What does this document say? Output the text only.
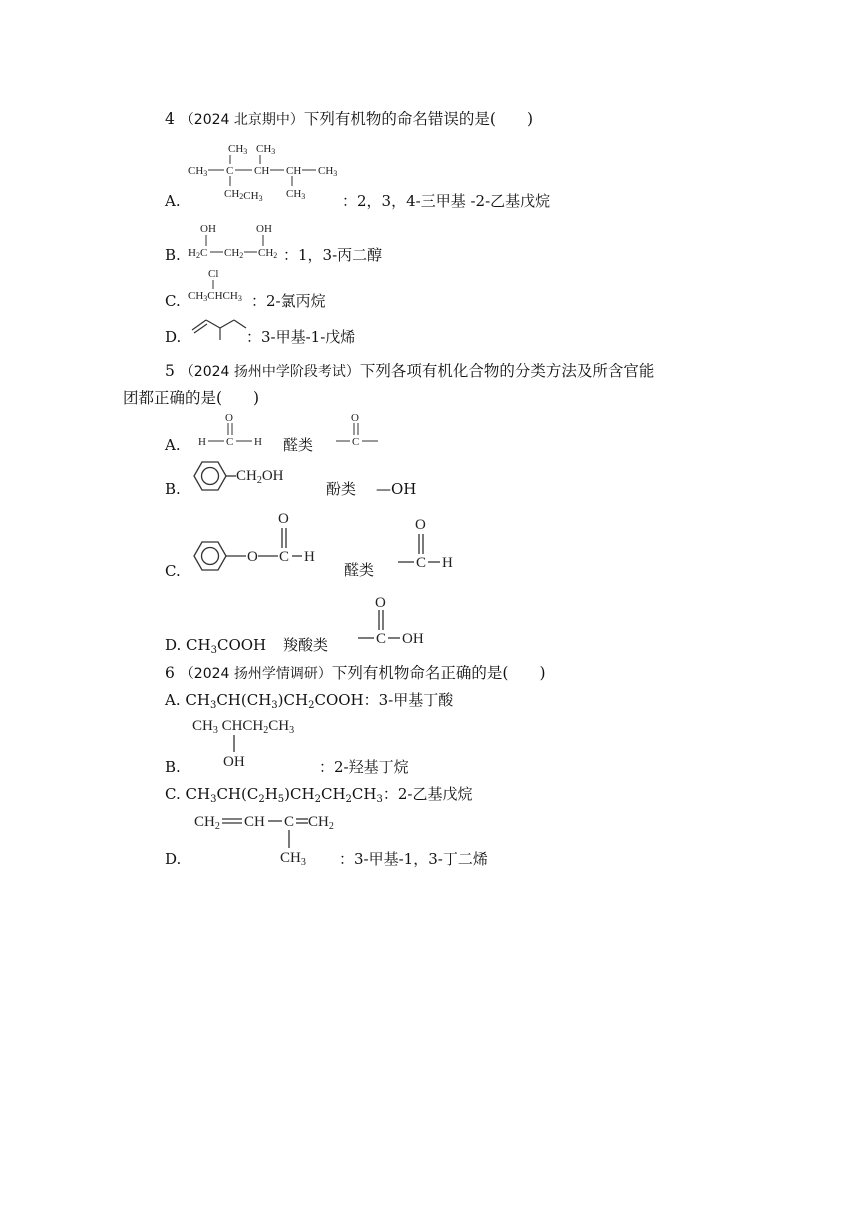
4 （2024 北京期中）下列有机物的命名错误的是(　　)
CH3 CH3
CH3 C CH CH CH3
CH2CH3 CH3
A.	：2，3，4-三甲基 -2-乙基戊烷
OH	OH
H2C CH2 CH2
B.	：1，3-丙二醇
Cl
CH3CHCH3
C.	：2-氯丙烷
D.	：3-甲基-1-戊烯
5 （2024 扬州中学阶段考试）下列各项有机化合物的分类方法及所含官能
团都正确的是(　　)
O
H C H
A.	醛类
O
C
$CH_2OH$
B.	酚类 —OH
O
O
C H
C.	醛类
O
C H
D. $CH_3COOH$ 羧酸类
O
C OH
6 （2024 扬州学情调研）下列有机物命名正确的是(　　)
A. $CH_3CH(CH_3)CH_2COOH$：3-甲基丁酸
$CH_3$ $CHCH_2CH_3$
OH
B.	：2-羟基丁烷
C. $CH_3CH(C_2H_5)CH_2CH_2CH_3$：2-乙基戊烷
$CH_2$ CH C $CH_2$
$CH_3$
D.	：3-甲基-1，3-丁二烯
